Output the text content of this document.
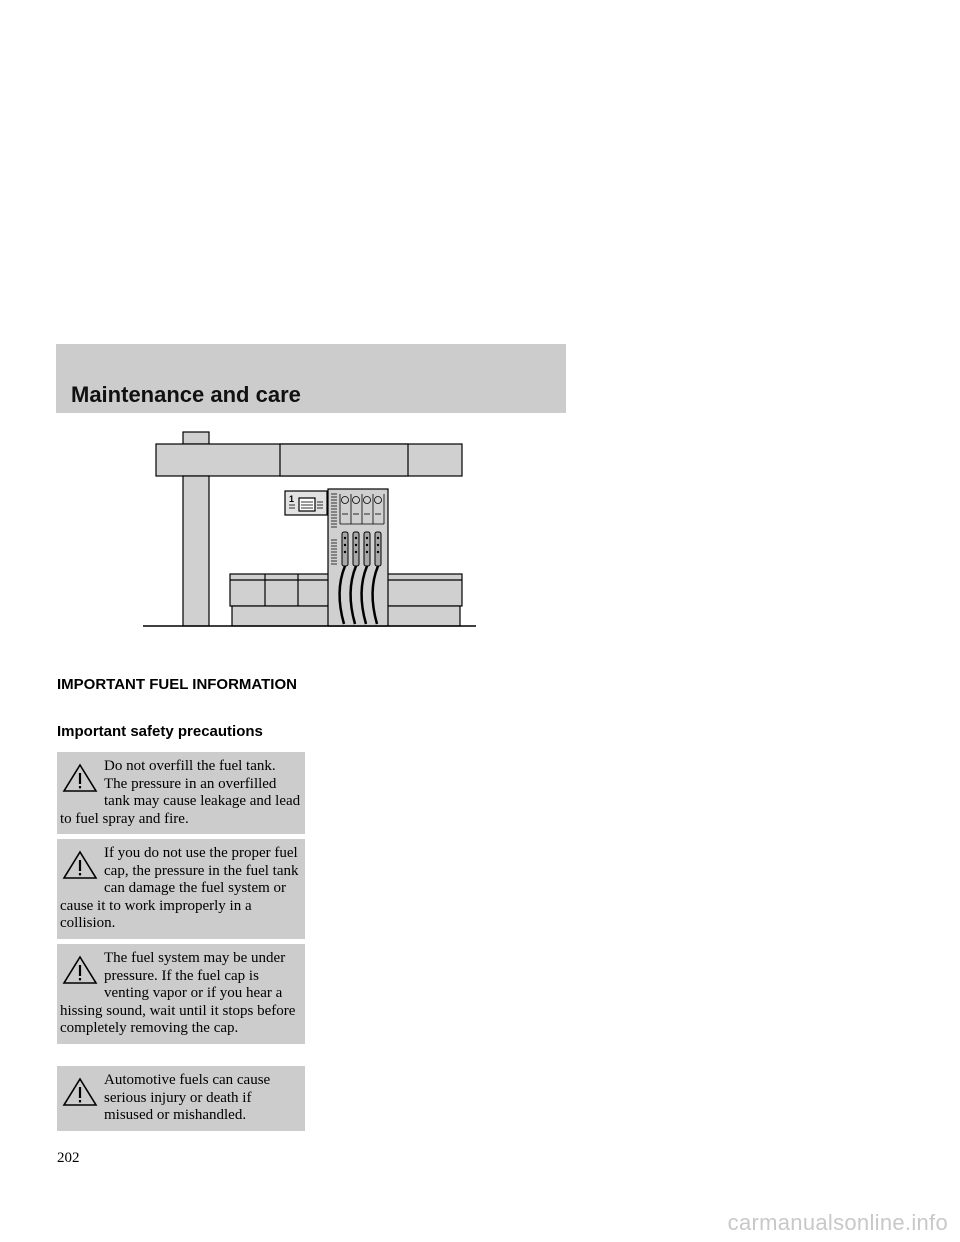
Maintenance and care
1
IMPORTANT FUEL INFORMATION
Important safety precautions
Do not overfill the fuel tank. The pressure in an overfilled tank may cause leakage and lead to fuel spray and fire.
If you do not use the proper fuel cap, the pressure in the fuel tank can damage the fuel system or cause it to work improperly in a collision.
The fuel system may be under pressure. If the fuel cap is venting vapor or if you hear a hissing sound, wait until it stops before completely removing the cap.
Automotive fuels can cause serious injury or death if misused or mishandled.
202
carmanualsonline.info
